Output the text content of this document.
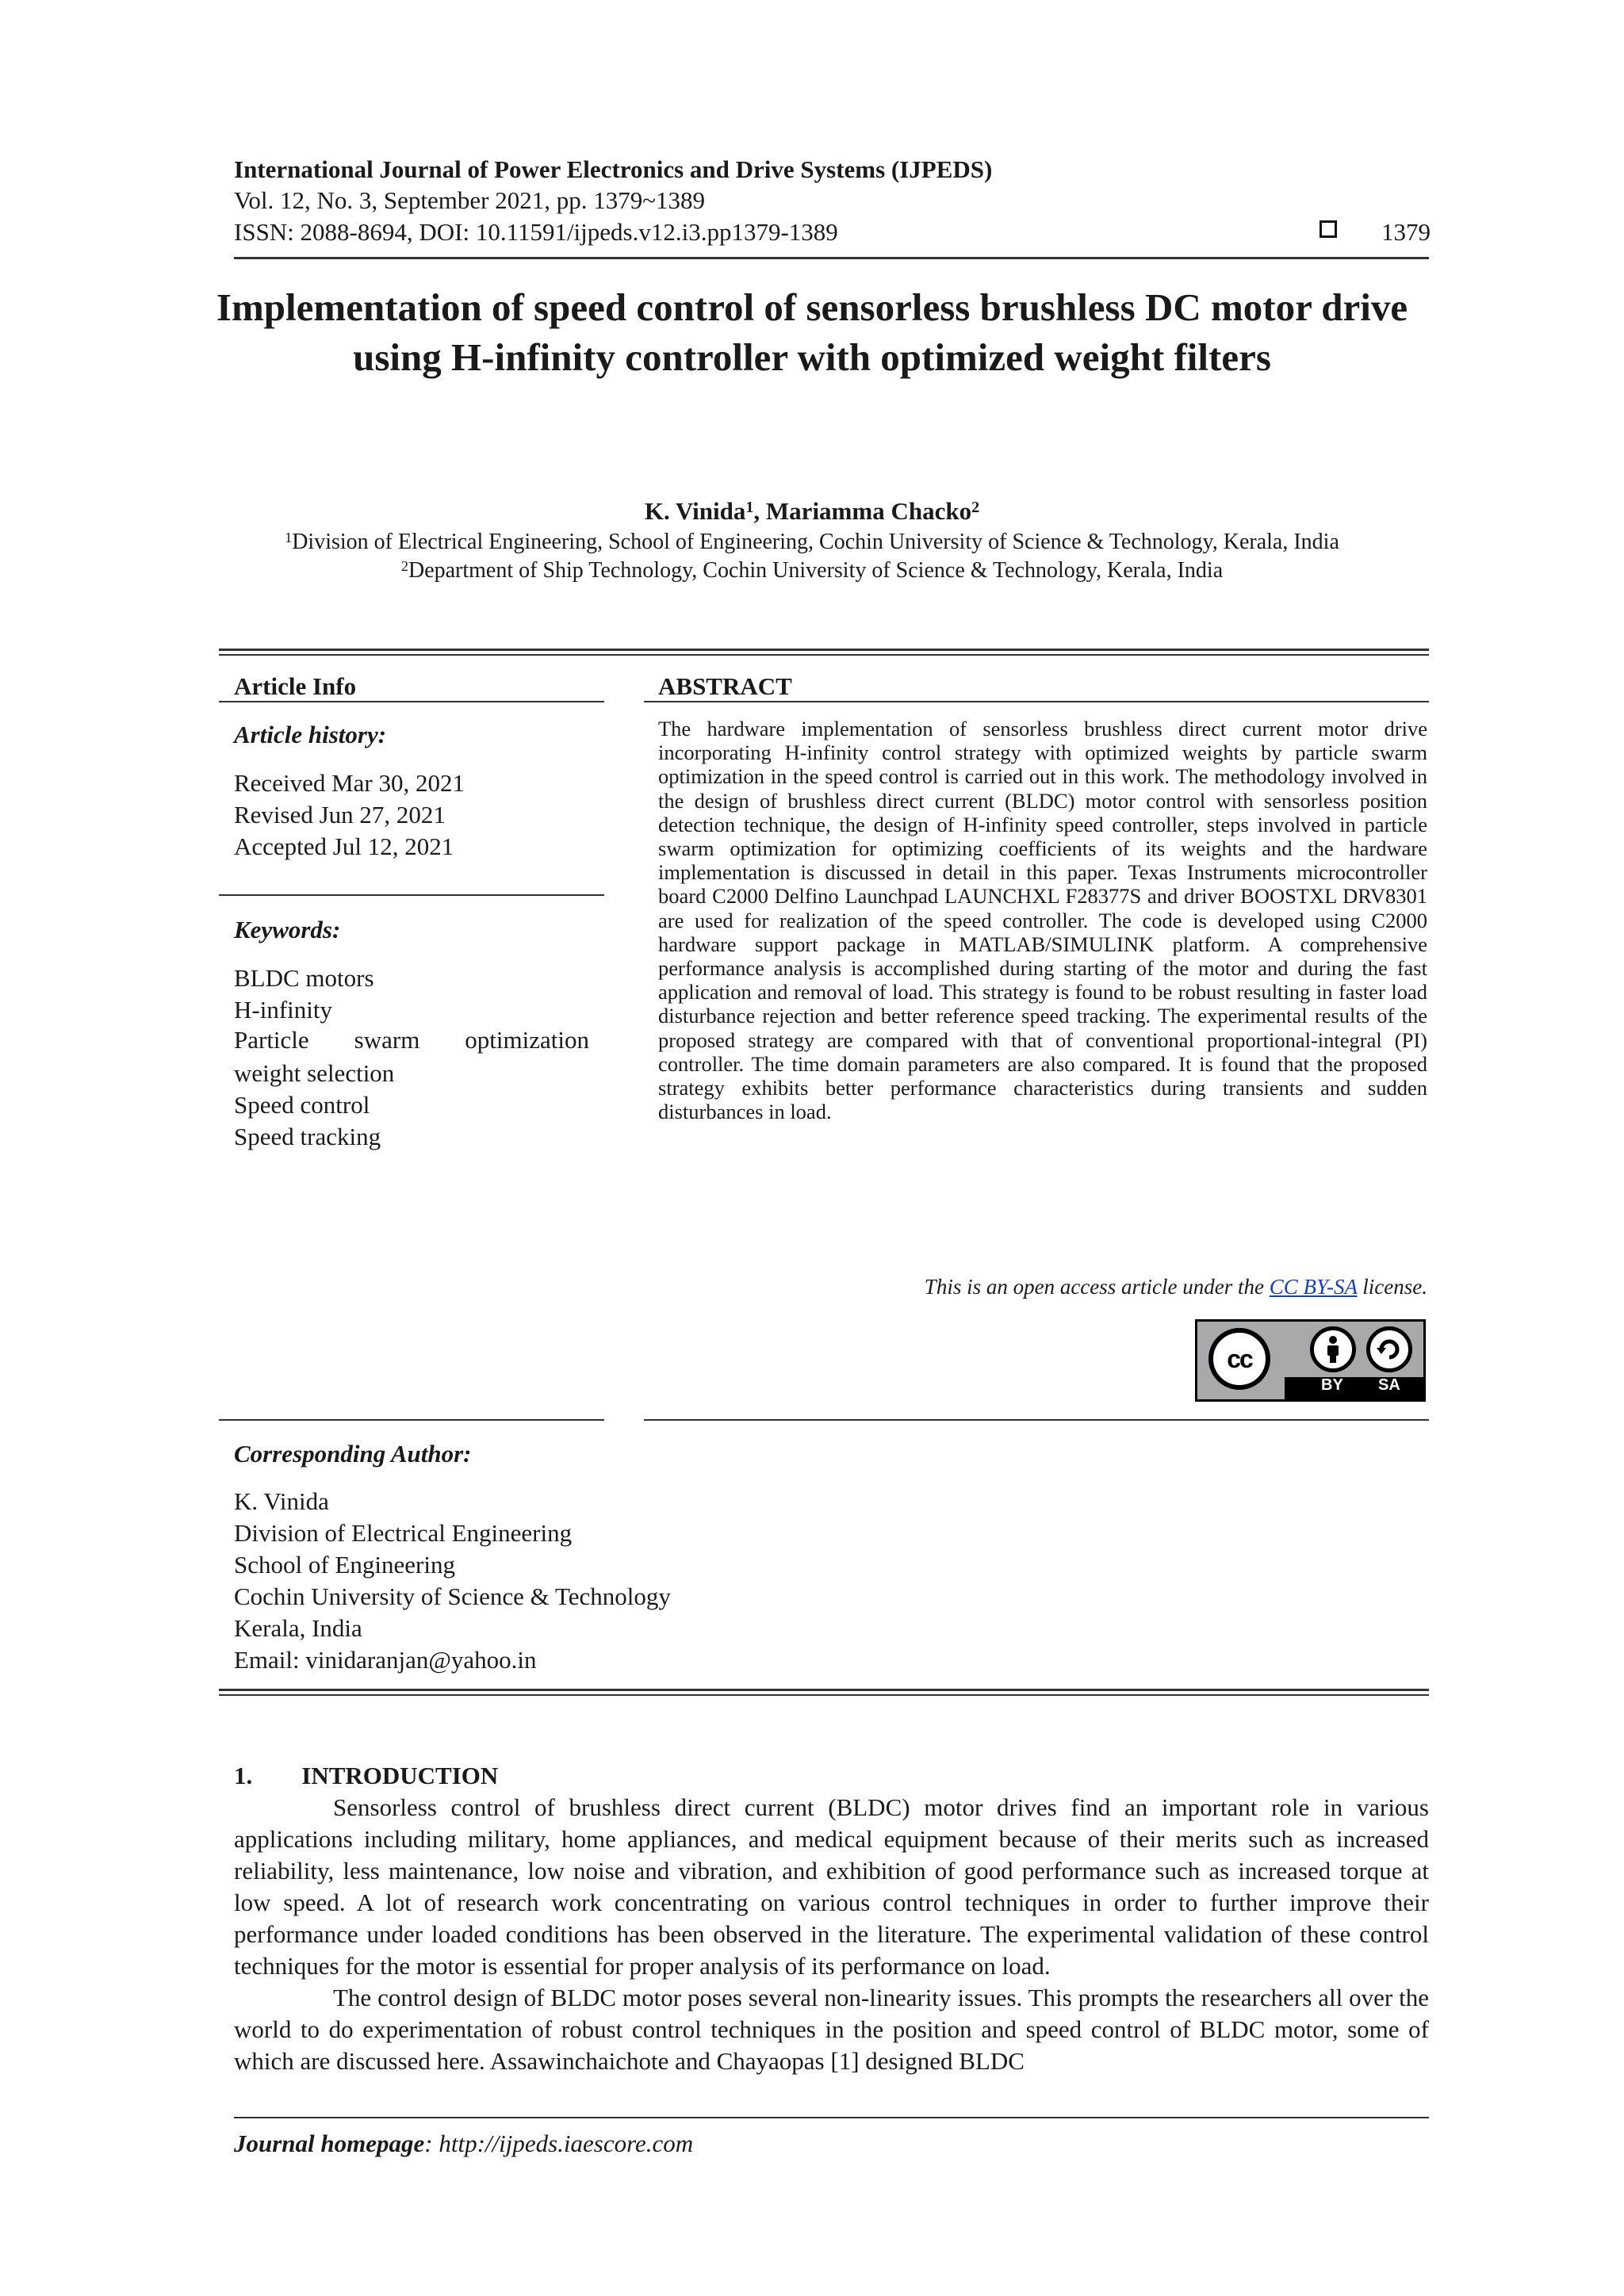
International Journal of Power Electronics and Drive Systems (IJPEDS)
Vol. 12, No. 3, September 2021, pp. 1379~1389
ISSN: 2088-8694, DOI: 10.11591/ijpeds.v12.i3.pp1379-1389	1379
Implementation of speed control of sensorless brushless DC motor drive using H-infinity controller with optimized weight filters
K. Vinida$^1$, Mariamma Chacko$^2$
$^1$Division of Electrical Engineering, School of Engineering, Cochin University of Science & Technology, Kerala, India
$^2$Department of Ship Technology, Cochin University of Science & Technology, Kerala, India
Article Info
Article history:
Received Mar 30, 2021
Revised Jun 27, 2021
Accepted Jul 12, 2021
Keywords:
BLDC motors
H-infinity
Particle swarm optimization
weight selection
Speed control
Speed tracking
ABSTRACT
The hardware implementation of sensorless brushless direct current motor drive incorporating H-infinity control strategy with optimized weights by particle swarm optimization in the speed control is carried out in this work. The methodology involved in the design of brushless direct current (BLDC) motor control with sensorless position detection technique, the design of H-infinity speed controller, steps involved in particle swarm optimization for optimizing coefficients of its weights and the hardware implementation is discussed in detail in this paper. Texas Instruments microcontroller board C2000 Delfino Launchpad LAUNCHXL F28377S and driver BOOSTXL DRV8301 are used for realization of the speed controller. The code is developed using C2000 hardware support package in MATLAB/SIMULINK platform. A comprehensive performance analysis is accomplished during starting of the motor and during the fast application and removal of load. This strategy is found to be robust resulting in faster load disturbance rejection and better reference speed tracking. The experimental results of the proposed strategy are compared with that of conventional proportional-integral (PI) controller. The time domain parameters are also compared. It is found that the proposed strategy exhibits better performance characteristics during transients and sudden disturbances in load.
This is an open access article under the CC BY-SA license.
cc
BY SA
Corresponding Author:
K. Vinida
Division of Electrical Engineering
School of Engineering
Cochin University of Science & Technology
Kerala, India
Email: vinidaranjan@yahoo.in
1.  INTRODUCTION
Sensorless control of brushless direct current (BLDC) motor drives find an important role in various applications including military, home appliances, and medical equipment because of their merits such as increased reliability, less maintenance, low noise and vibration, and exhibition of good performance such as increased torque at low speed. A lot of research work concentrating on various control techniques in order to further improve their performance under loaded conditions has been observed in the literature. The experimental validation of these control techniques for the motor is essential for proper analysis of its performance on load.
The control design of BLDC motor poses several non-linearity issues. This prompts the researchers all over the world to do experimentation of robust control techniques in the position and speed control of BLDC motor, some of which are discussed here. Assawinchaichote and Chayaopas [1] designed BLDC
Journal homepage: http://ijpeds.iaescore.com
